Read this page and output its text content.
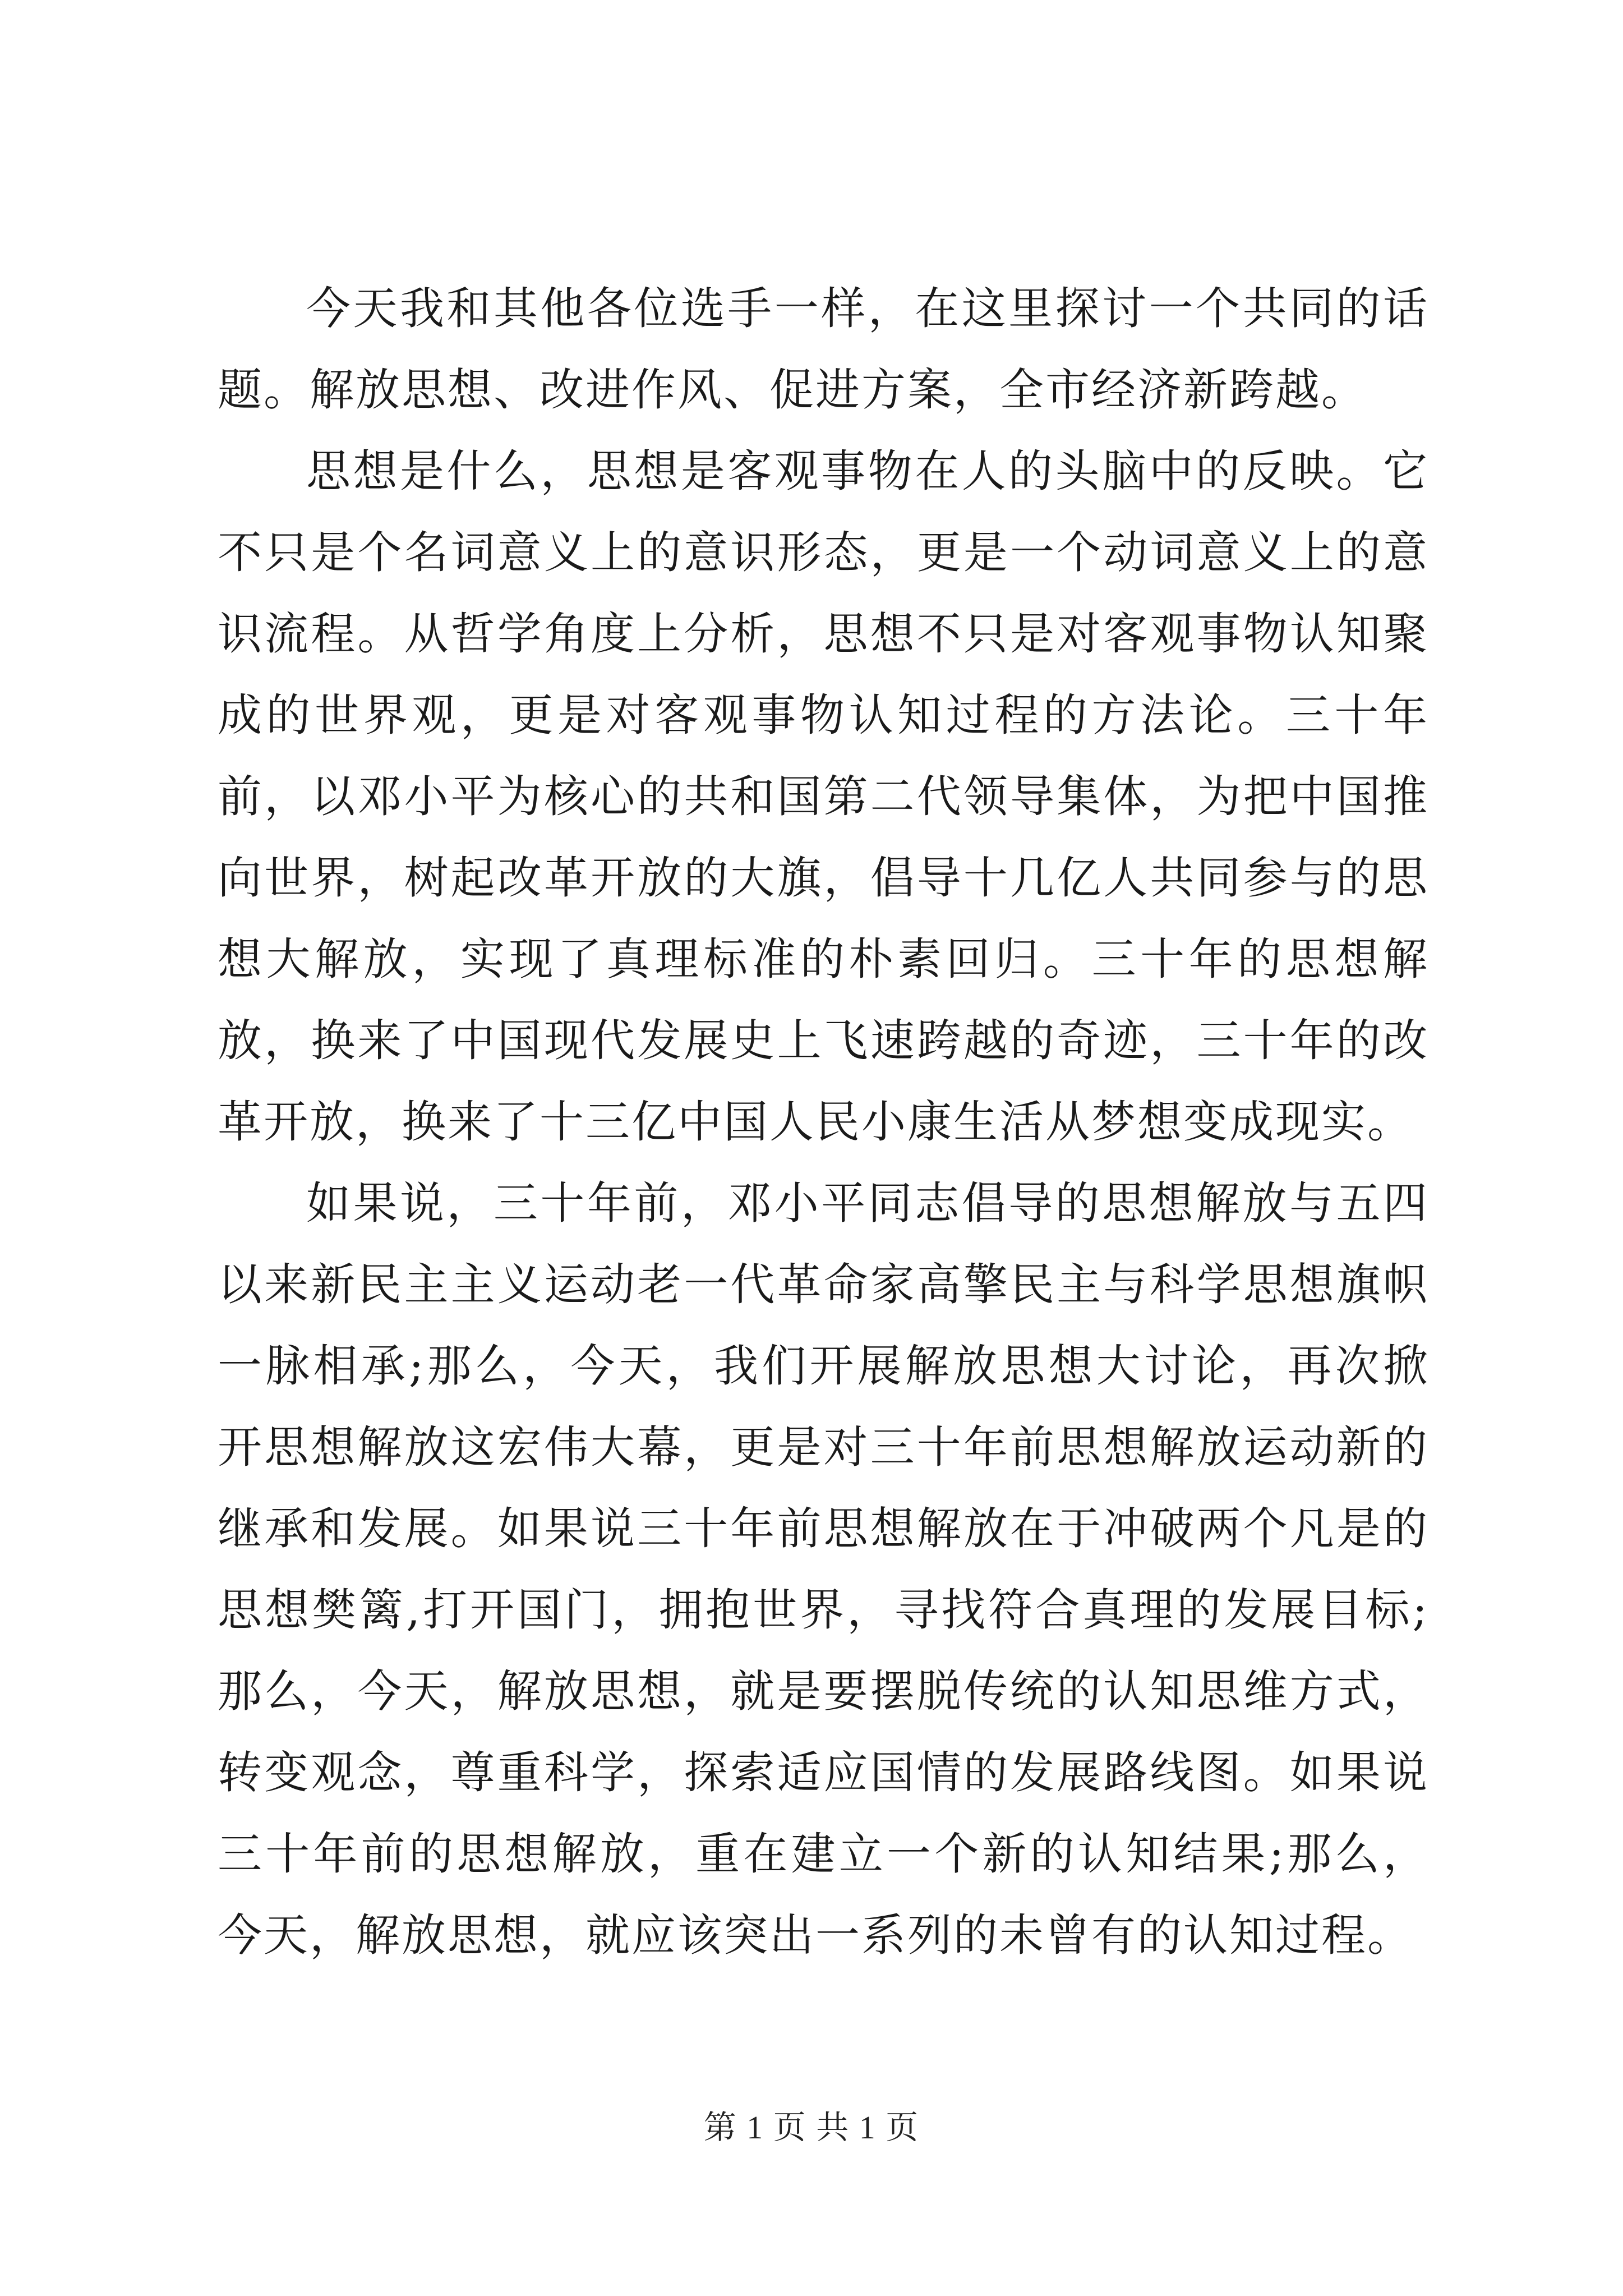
今天我和其他各位选手一样，在这里探讨一个共同的话题。解放思想、改进作风、促进方案，全市经济新跨越。

思想是什么，思想是客观事物在人的头脑中的反映。它不只是个名词意义上的意识形态，更是一个动词意义上的意识流程。从哲学角度上分析，思想不只是对客观事物认知聚成的世界观，更是对客观事物认知过程的方法论。三十年前，以邓小平为核心的共和国第二代领导集体，为把中国推向世界，树起改革开放的大旗，倡导十几亿人共同参与的思想大解放，实现了真理标准的朴素回归。三十年的思想解放，换来了中国现代发展史上飞速跨越的奇迹，三十年的改革开放，换来了十三亿中国人民小康生活从梦想变成现实。

如果说，三十年前，邓小平同志倡导的思想解放与五四以来新民主主义运动老一代革命家高擎民主与科学思想旗帜一脉相承;那么，今天，我们开展解放思想大讨论，再次掀开思想解放这宏伟大幕，更是对三十年前思想解放运动新的继承和发展。如果说三十年前思想解放在于冲破两个凡是的思想樊篱,打开国门，拥抱世界，寻找符合真理的发展目标;那么，今天，解放思想，就是要摆脱传统的认知思维方式，转变观念，尊重科学，探索适应国情的发展路线图。如果说三十年前的思想解放，重在建立一个新的认知结果;那么，今天，解放思想，就应该突出一系列的未曾有的认知过程。

第 1 页 共 1 页
